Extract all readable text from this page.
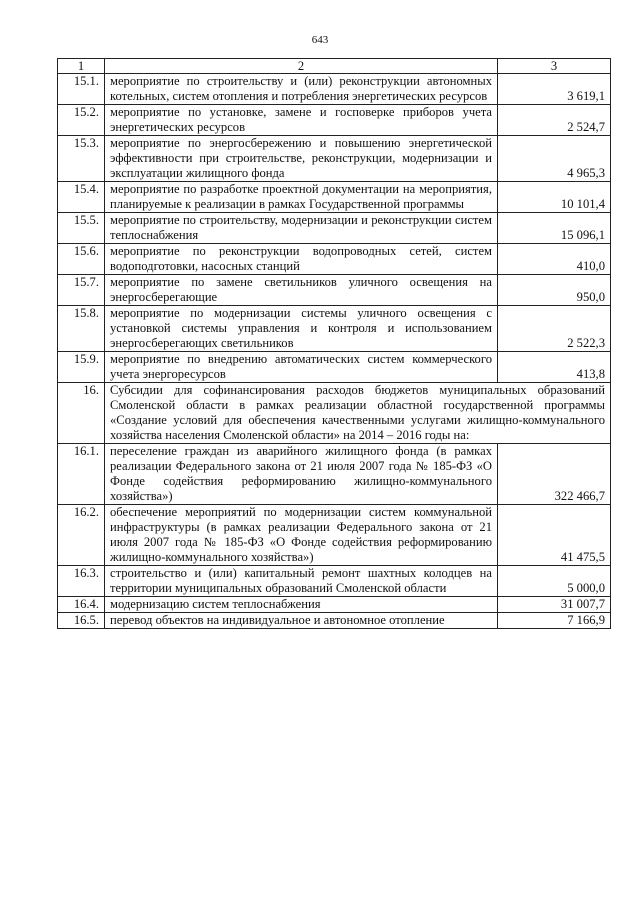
643
1	2	3
15.1.	мероприятие по строительству и (или) реконструкции автономных котельных, систем отопления и потребления энергетических ресурсов	3 619,1
15.2.	мероприятие по установке, замене и госповерке приборов учета энергетических ресурсов	2 524,7
15.3.	мероприятие по энергосбережению и повышению энергетической эффективности при строительстве, реконструкции, модернизации и эксплуатации жилищного фонда	4 965,3
15.4.	мероприятие по разработке проектной документации на мероприятия, планируемые к реализации в рамках Государственной программы	10 101,4
15.5.	мероприятие по строительству, модернизации и реконструкции систем теплоснабжения	15 096,1
15.6.	мероприятие по реконструкции водопроводных сетей, систем водоподготовки, насосных станций	410,0
15.7.	мероприятие по замене светильников уличного освещения на энергосберегающие	950,0
15.8.	мероприятие по модернизации системы уличного освещения с установкой системы управления и контроля и использованием энергосберегающих светильников	2 522,3
15.9.	мероприятие по внедрению автоматических систем коммерческого учета энергоресурсов	413,8
16.	Субсидии для софинансирования расходов бюджетов муниципальных образований Смоленской области в рамках реализации областной государственной программы «Создание условий для обеспечения качественными услугами жилищно-коммунального хозяйства населения Смоленской области» на 2014 – 2016 годы на:	
16.1.	переселение граждан из аварийного жилищного фонда (в рамках реализации Федерального закона от 21 июля 2007 года № 185-ФЗ «О Фонде содействия реформированию жилищно-коммунального хозяйства»)	322 466,7
16.2.	обеспечение мероприятий по модернизации систем коммунальной инфраструктуры (в рамках реализации Федерального закона от 21 июля 2007 года № 185-ФЗ «О Фонде содействия реформированию жилищно-коммунального хозяйства»)	41 475,5
16.3.	строительство и (или) капитальный ремонт шахтных колодцев на территории муниципальных образований Смоленской области	5 000,0
16.4.	модернизацию систем теплоснабжения	31 007,7
16.5.	перевод объектов на индивидуальное и автономное отопление	7 166,9
